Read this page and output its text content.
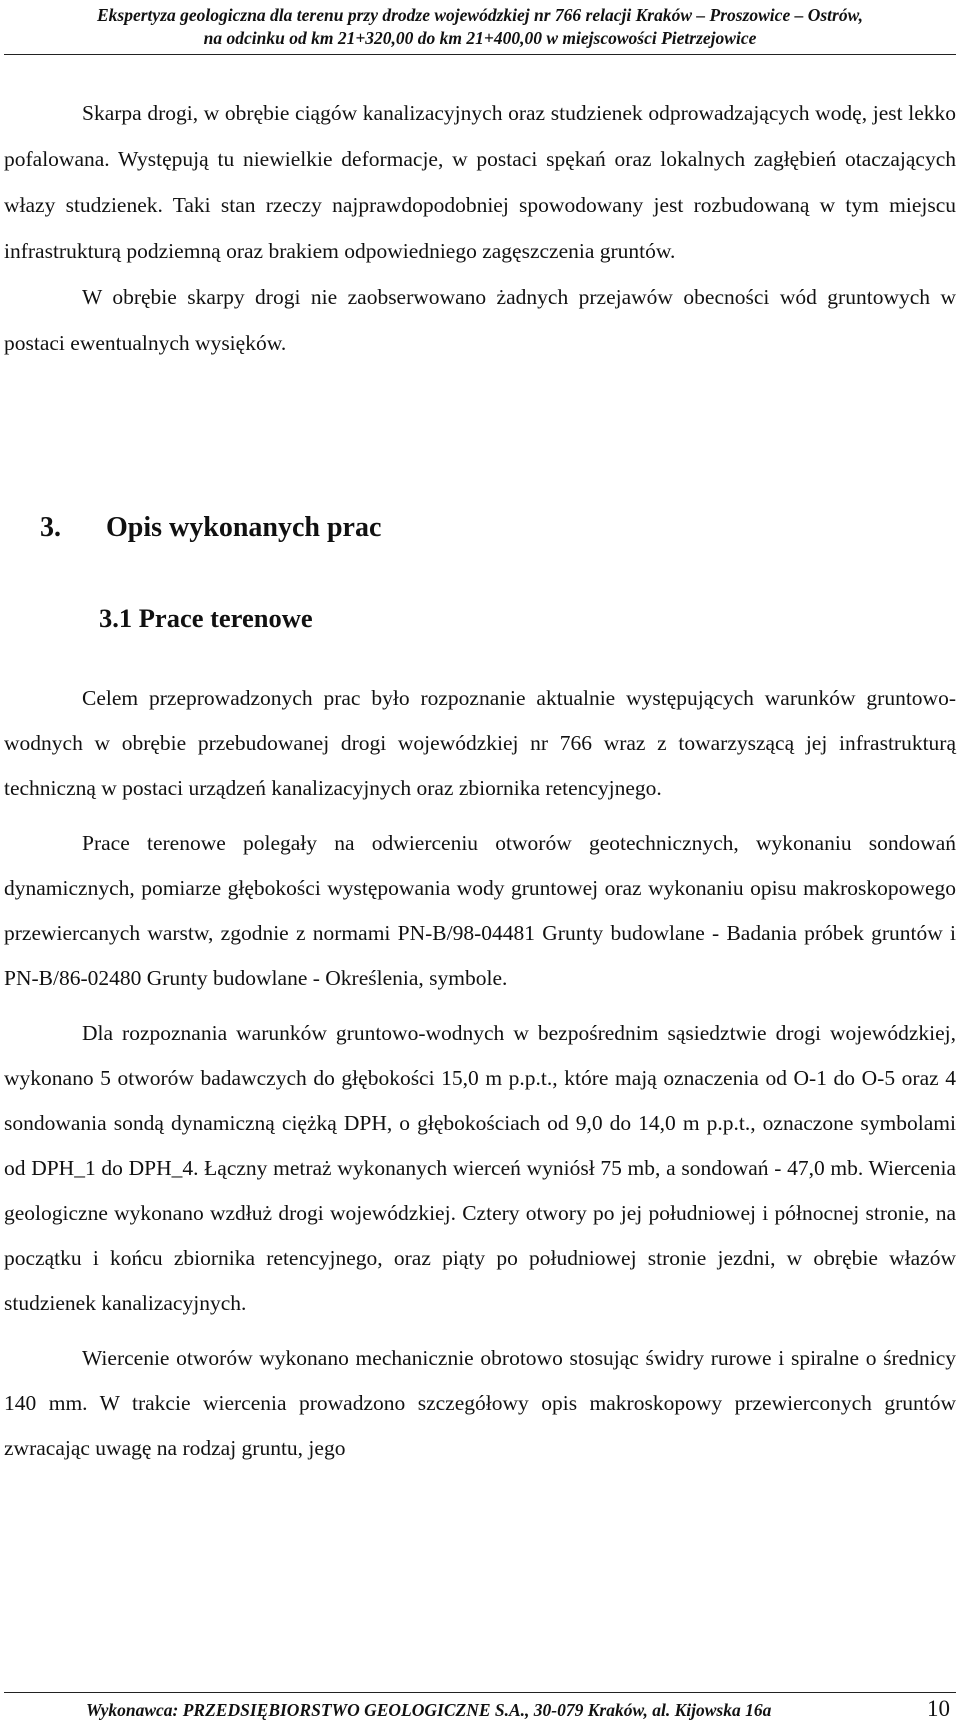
Ekspertyza geologiczna dla terenu przy drodze wojewódzkiej nr 766 relacji Kraków – Proszowice – Ostrów,
na odcinku od km 21+320,00 do km 21+400,00 w miejscowości Pietrzejowice

Skarpa drogi, w obrębie ciągów kanalizacyjnych oraz studzienek odprowadzających wodę, jest lekko pofalowana. Występują tu niewielkie deformacje, w postaci spękań oraz lokalnych zagłębień otaczających włazy studzienek. Taki stan rzeczy najprawdopodobniej spowodowany jest rozbudowaną w tym miejscu infrastrukturą podziemną oraz brakiem odpowiedniego zagęszczenia gruntów.

W obrębie skarpy drogi nie zaobserwowano żadnych przejawów obecności wód gruntowych w postaci ewentualnych wysięków.

3. Opis wykonanych prac
3.1 Prace terenowe

Celem przeprowadzonych prac było rozpoznanie aktualnie występujących warunków gruntowo-wodnych w obrębie przebudowanej drogi wojewódzkiej nr 766 wraz z towarzyszącą jej infrastrukturą techniczną w postaci urządzeń kanalizacyjnych oraz zbiornika retencyjnego.

Prace terenowe polegały na odwierceniu otworów geotechnicznych, wykonaniu sondowań dynamicznych, pomiarze głębokości występowania wody gruntowej oraz wykonaniu opisu makroskopowego przewiercanych warstw, zgodnie z normami PN-B/98-04481 Grunty budowlane - Badania próbek gruntów i PN-B/86-02480 Grunty budowlane - Określenia, symbole.

Dla rozpoznania warunków gruntowo-wodnych w bezpośrednim sąsiedztwie drogi wojewódzkiej, wykonano 5 otworów badawczych do głębokości 15,0 m p.p.t., które mają oznaczenia od O-1 do O-5 oraz 4 sondowania sondą dynamiczną ciężką DPH, o głębokościach od 9,0 do 14,0 m p.p.t., oznaczone symbolami od DPH_1 do DPH_4. Łączny metraż wykonanych wierceń wyniósł 75 mb, a sondowań - 47,0 mb. Wiercenia geologiczne wykonano wzdłuż drogi wojewódzkiej. Cztery otwory po jej południowej i północnej stronie, na początku i końcu zbiornika retencyjnego, oraz piąty po południowej stronie jezdni, w obrębie włazów studzienek kanalizacyjnych.

Wiercenie otworów wykonano mechanicznie obrotowo stosując świdry rurowe i spiralne o średnicy 140 mm. W trakcie wiercenia prowadzono szczegółowy opis makroskopowy przewierconych gruntów zwracając uwagę na rodzaj gruntu, jego

Wykonawca: PRZEDSIĘBIORSTWO GEOLOGICZNE S.A., 30-079 Kraków, al. Kijowska 16a	10
